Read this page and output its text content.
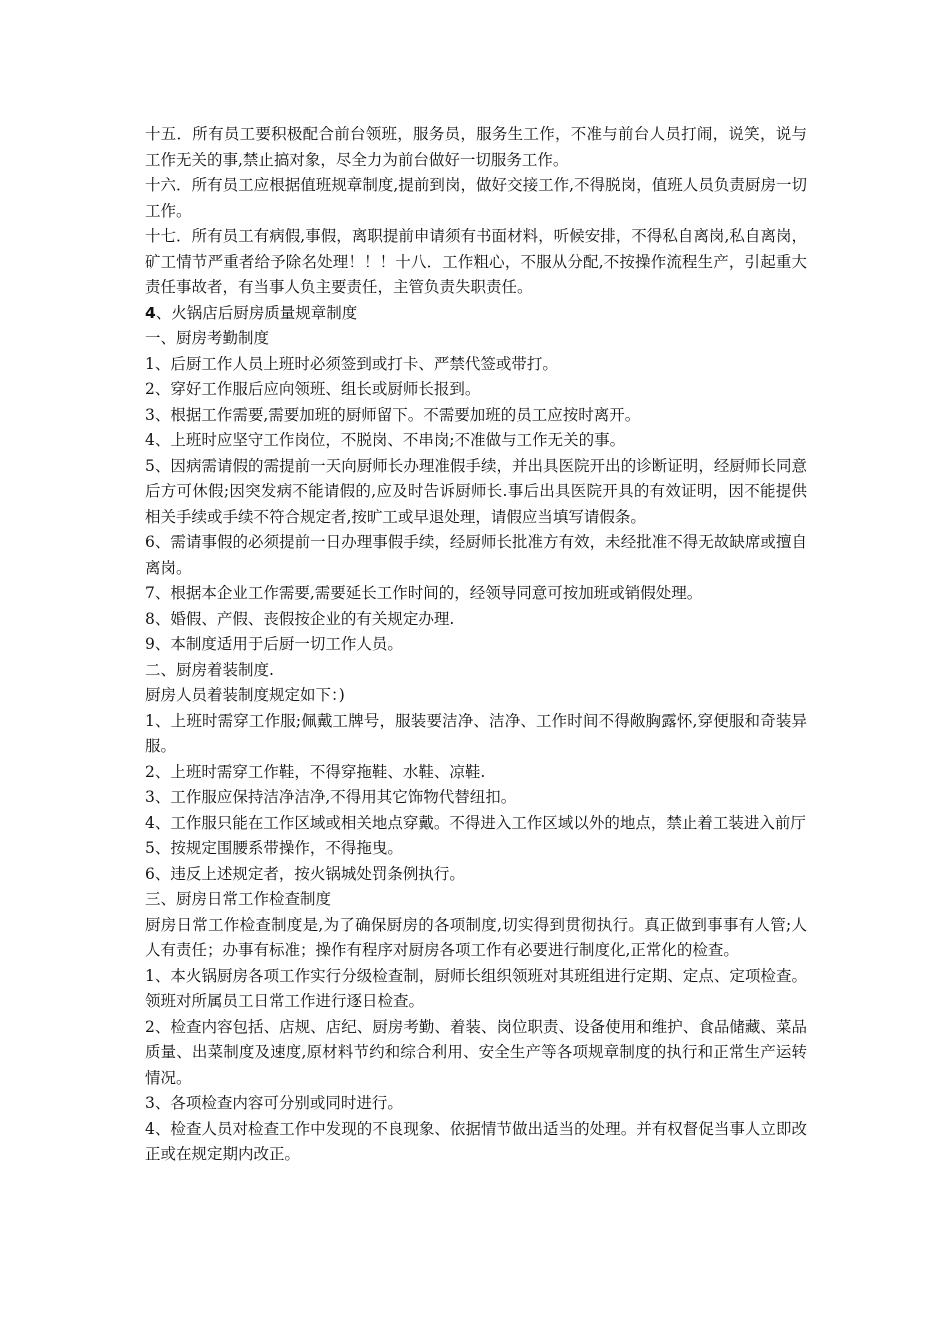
十五．所有员工要积极配合前台领班，服务员，服务生工作，不准与前台人员打闹，说笑，说与工作无关的事,禁止搞对象，尽全力为前台做好一切服务工作。

十六．所有员工应根据值班规章制度,提前到岗，做好交接工作,不得脱岗，值班人员负责厨房一切工作。

十七．所有员工有病假,事假，离职提前申请须有书面材料，听候安排，不得私自离岗,私自离岗，矿工情节严重者给予除名处理！！！十八．工作粗心，不服从分配,不按操作流程生产，引起重大责任事故者，有当事人负主要责任，主管负责失职责任。

4、火锅店后厨房质量规章制度

一、厨房考勤制度

1、后厨工作人员上班时必须签到或打卡、严禁代签或带打。

2、穿好工作服后应向领班、组长或厨师长报到。

3、根据工作需要,需要加班的厨师留下。不需要加班的员工应按时离开。

4、上班时应坚守工作岗位，不脱岗、不串岗;不准做与工作无关的事。

5、因病需请假的需提前一天向厨师长办理准假手续，并出具医院开出的诊断证明，经厨师长同意后方可休假;因突发病不能请假的,应及时告诉厨师长.事后出具医院开具的有效证明，因不能提供相关手续或手续不符合规定者,按旷工或早退处理，请假应当填写请假条。

6、需请事假的必须提前一日办理事假手续，经厨师长批准方有效，未经批准不得无故缺席或擅自离岗。

7、根据本企业工作需要,需要延长工作时间的，经领导同意可按加班或销假处理。

8、婚假、产假、丧假按企业的有关规定办理.

9、本制度适用于后厨一切工作人员。

二、厨房着装制度.

厨房人员着装制度规定如下：)

1、上班时需穿工作服;佩戴工牌号，服装要洁净、洁净、工作时间不得敞胸露怀,穿便服和奇装异服。

2、上班时需穿工作鞋，不得穿拖鞋、水鞋、凉鞋.

3、工作服应保持洁净洁净,不得用其它饰物代替纽扣。

4、工作服只能在工作区域或相关地点穿戴。不得进入工作区域以外的地点，禁止着工装进入前厅

5、按规定围腰系带操作，不得拖曳。

6、违反上述规定者，按火锅城处罚条例执行。

三、厨房日常工作检查制度

厨房日常工作检查制度是,为了确保厨房的各项制度,切实得到贯彻执行。真正做到事事有人管;人人有责任；办事有标准；操作有程序对厨房各项工作有必要进行制度化,正常化的检查。

1、本火锅厨房各项工作实行分级检查制，厨师长组织领班对其班组进行定期、定点、定项检查。领班对所属员工日常工作进行逐日检查。

2、检查内容包括、店规、店纪、厨房考勤、着装、岗位职责、设备使用和维护、食品储藏、菜品质量、出菜制度及速度,原材料节约和综合利用、安全生产等各项规章制度的执行和正常生产运转情况。

3、各项检查内容可分别或同时进行。

4、检查人员对检查工作中发现的不良现象、依据情节做出适当的处理。并有权督促当事人立即改正或在规定期内改正。
